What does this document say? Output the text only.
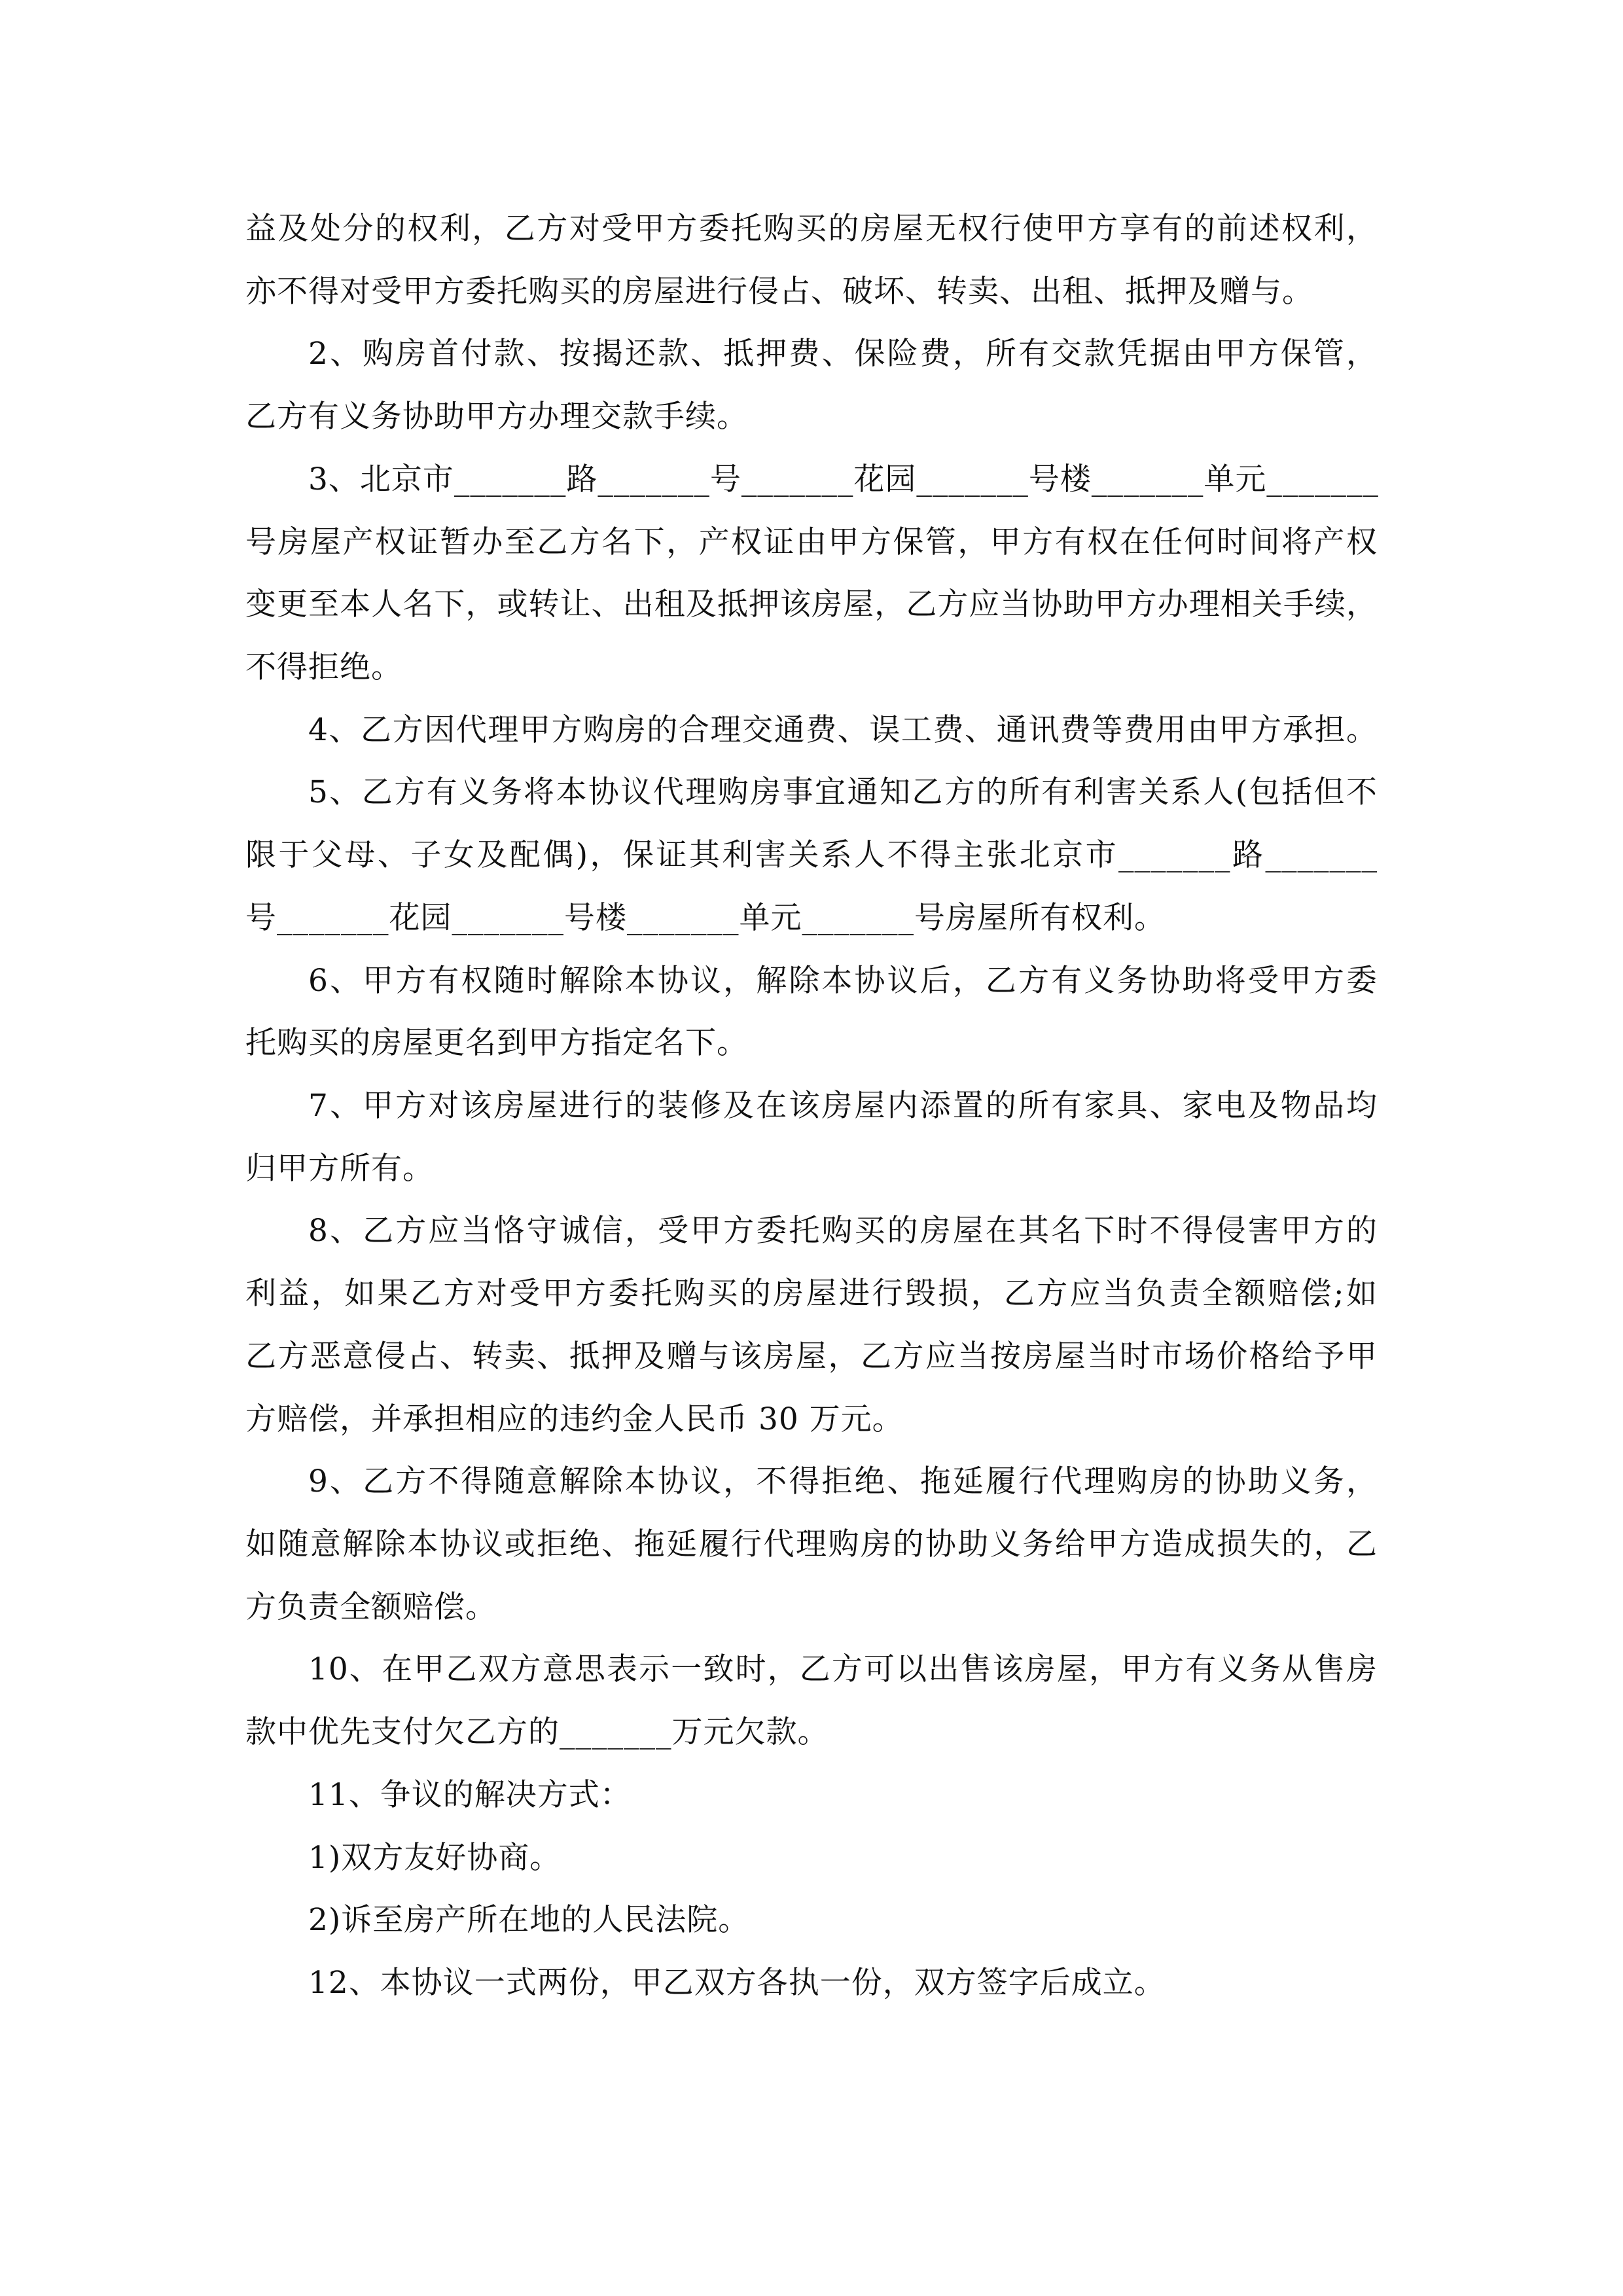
益及处分的权利，乙方对受甲方委托购买的房屋无权行使甲方享有的前述权利，
亦不得对受甲方委托购买的房屋进行侵占、破坏、转卖、出租、抵押及赠与。
2、购房首付款、按揭还款、抵押费、保险费，所有交款凭据由甲方保管，
乙方有义务协助甲方办理交款手续。
3、北京市_______路_______号_______花园_______号楼_______单元_______
号房屋产权证暂办至乙方名下，产权证由甲方保管，甲方有权在任何时间将产权
变更至本人名下，或转让、出租及抵押该房屋，乙方应当协助甲方办理相关手续，
不得拒绝。
4、乙方因代理甲方购房的合理交通费、误工费、通讯费等费用由甲方承担。
5、乙方有义务将本协议代理购房事宜通知乙方的所有利害关系人(包括但不
限于父母、子女及配偶)，保证其利害关系人不得主张北京市_______路_______
号_______花园_______号楼_______单元_______号房屋所有权利。
6、甲方有权随时解除本协议，解除本协议后，乙方有义务协助将受甲方委
托购买的房屋更名到甲方指定名下。
7、甲方对该房屋进行的装修及在该房屋内添置的所有家具、家电及物品均
归甲方所有。
8、乙方应当恪守诚信，受甲方委托购买的房屋在其名下时不得侵害甲方的
利益，如果乙方对受甲方委托购买的房屋进行毁损，乙方应当负责全额赔偿;如
乙方恶意侵占、转卖、抵押及赠与该房屋，乙方应当按房屋当时市场价格给予甲
方赔偿，并承担相应的违约金人民币 30 万元。
9、乙方不得随意解除本协议，不得拒绝、拖延履行代理购房的协助义务，
如随意解除本协议或拒绝、拖延履行代理购房的协助义务给甲方造成损失的，乙
方负责全额赔偿。
10、在甲乙双方意思表示一致时，乙方可以出售该房屋，甲方有义务从售房
款中优先支付欠乙方的_______万元欠款。
11、争议的解决方式：
1)双方友好协商。
2)诉至房产所在地的人民法院。
12、本协议一式两份，甲乙双方各执一份，双方签字后成立。
